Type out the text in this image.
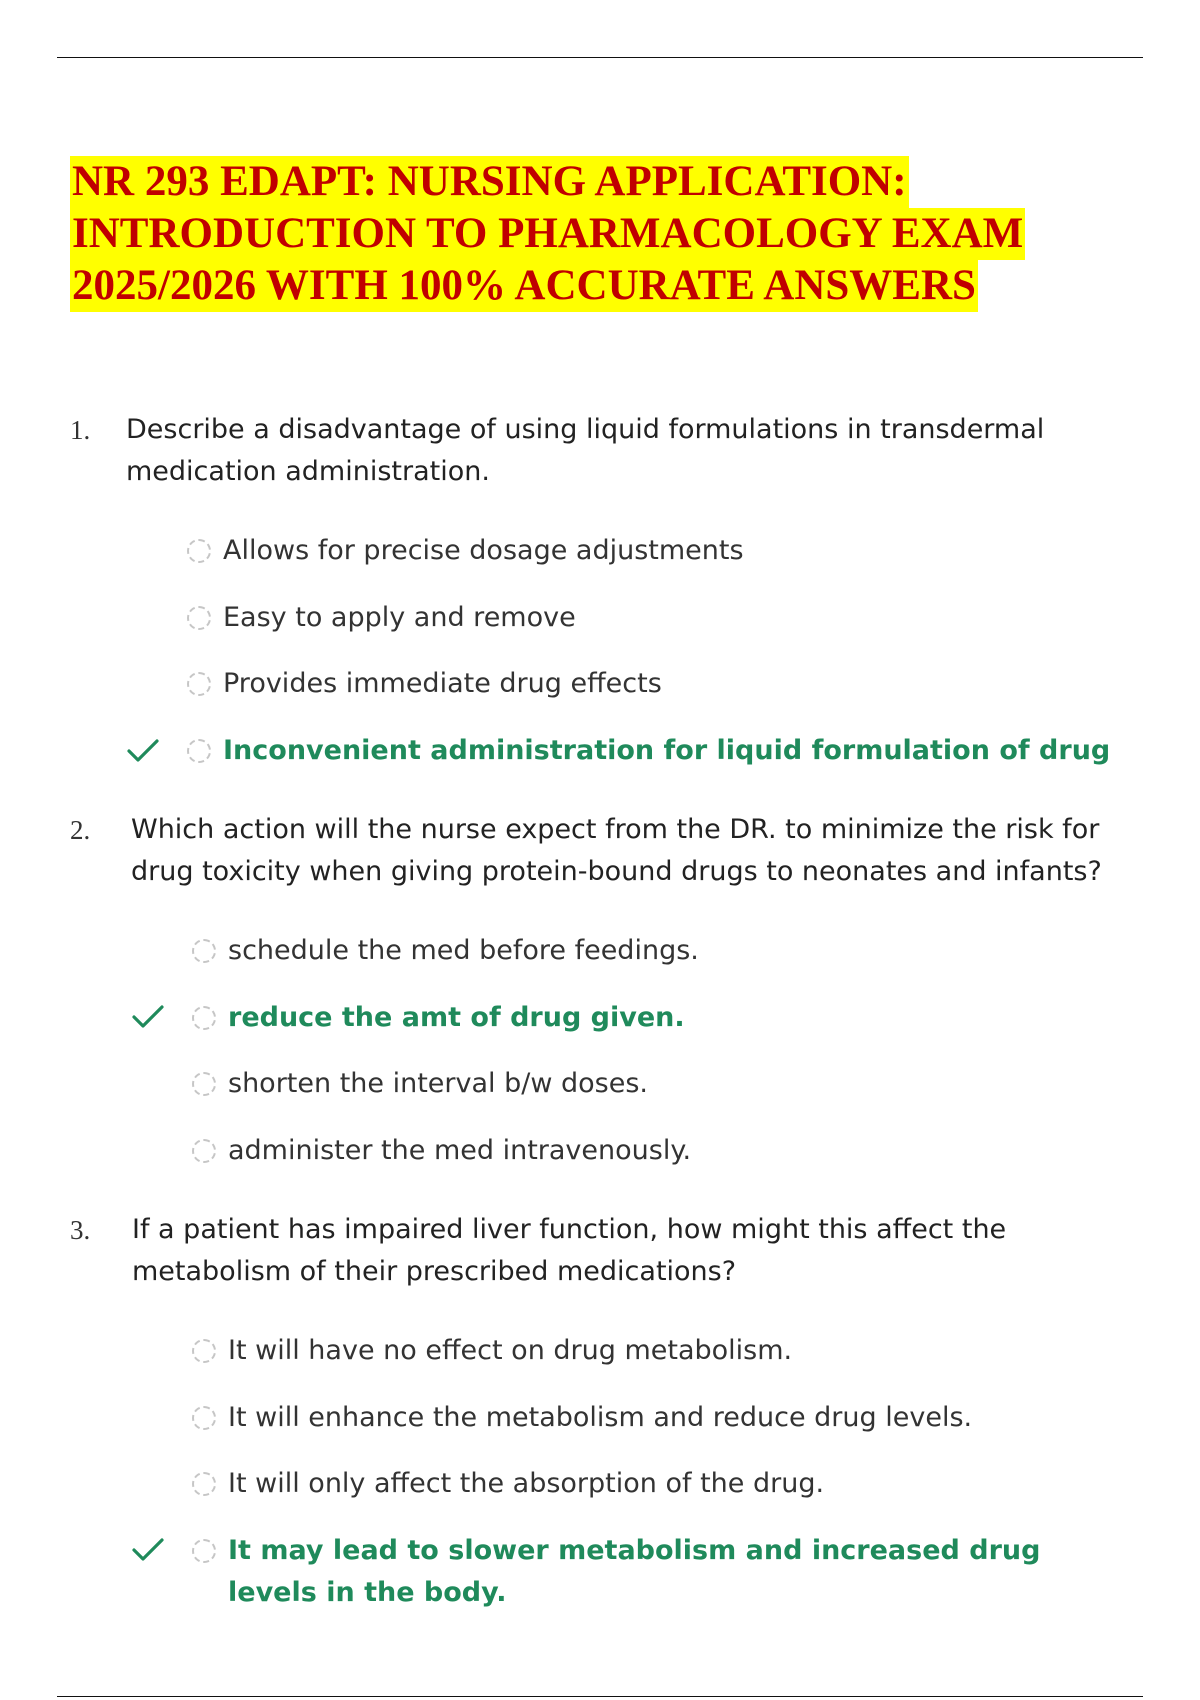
NR 293 EDAPT: NURSING APPLICATION:
INTRODUCTION TO PHARMACOLOGY EXAM
2025/2026 WITH 100% ACCURATE ANSWERS
1. Describe a disadvantage of using liquid formulations in transdermal medication administration.
Allows for precise dosage adjustments
Easy to apply and remove
Provides immediate drug effects
Inconvenient administration for liquid formulation of drug
2. Which action will the nurse expect from the DR. to minimize the risk for drug toxicity when giving protein-bound drugs to neonates and infants?
schedule the med before feedings.
reduce the amt of drug given.
shorten the interval b/w doses.
administer the med intravenously.
3. If a patient has impaired liver function, how might this affect the metabolism of their prescribed medications?
It will have no effect on drug metabolism.
It will enhance the metabolism and reduce drug levels.
It will only affect the absorption of the drug.
It may lead to slower metabolism and increased drug levels in the body.
